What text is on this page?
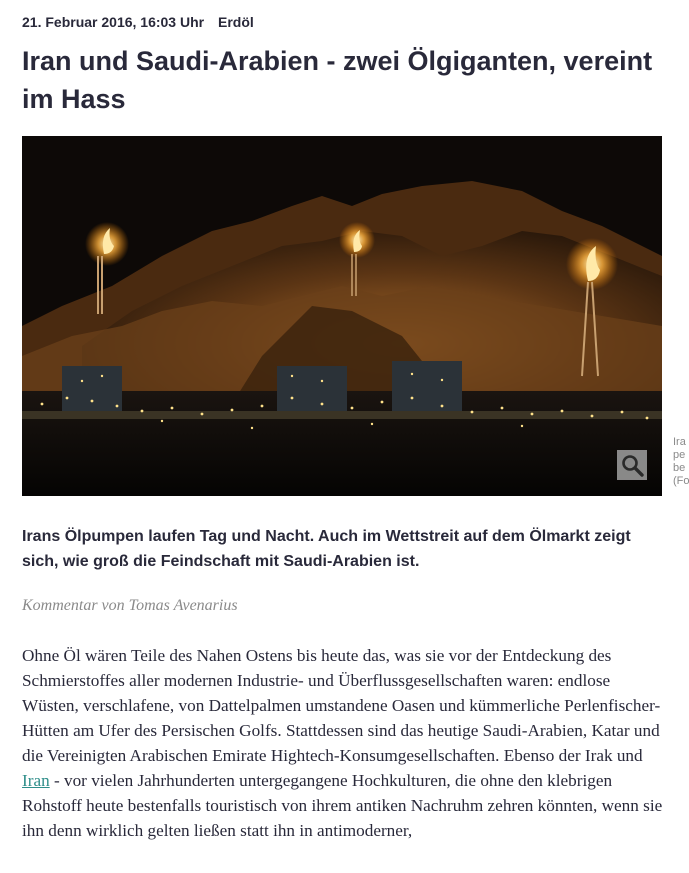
21. Februar 2016, 16:03 Uhr Erdöl
Iran und Saudi-Arabien - zwei Ölgiganten, vereint im Hass
Ira
pe
be
(Fo

Irans Ölpumpen laufen Tag und Nacht. Auch im Wettstreit auf dem Ölmarkt zeigt sich, wie groß die Feindschaft mit Saudi-Arabien ist.

Kommentar von Tomas Avenarius

Ohne Öl wären Teile des Nahen Ostens bis heute das, was sie vor der Entdeckung des Schmierstoffes aller modernen Industrie- und Überflussgesellschaften waren: endlose Wüsten, verschlafene, von Dattelpalmen umstandene Oasen und kümmerliche Perlenfischer-Hütten am Ufer des Persischen Golfs. Stattdessen sind das heutige Saudi-Arabien, Katar und die Vereinigten Arabischen Emirate Hightech-Konsumgesellschaften. Ebenso der Irak und Iran - vor vielen Jahrhunderten untergegangene Hochkulturen, die ohne den klebrigen Rohstoff heute bestenfalls touristisch von ihrem antiken Nachruhm zehren könnten, wenn sie ihn denn wirklich gelten ließen statt ihn in antimoderner,
